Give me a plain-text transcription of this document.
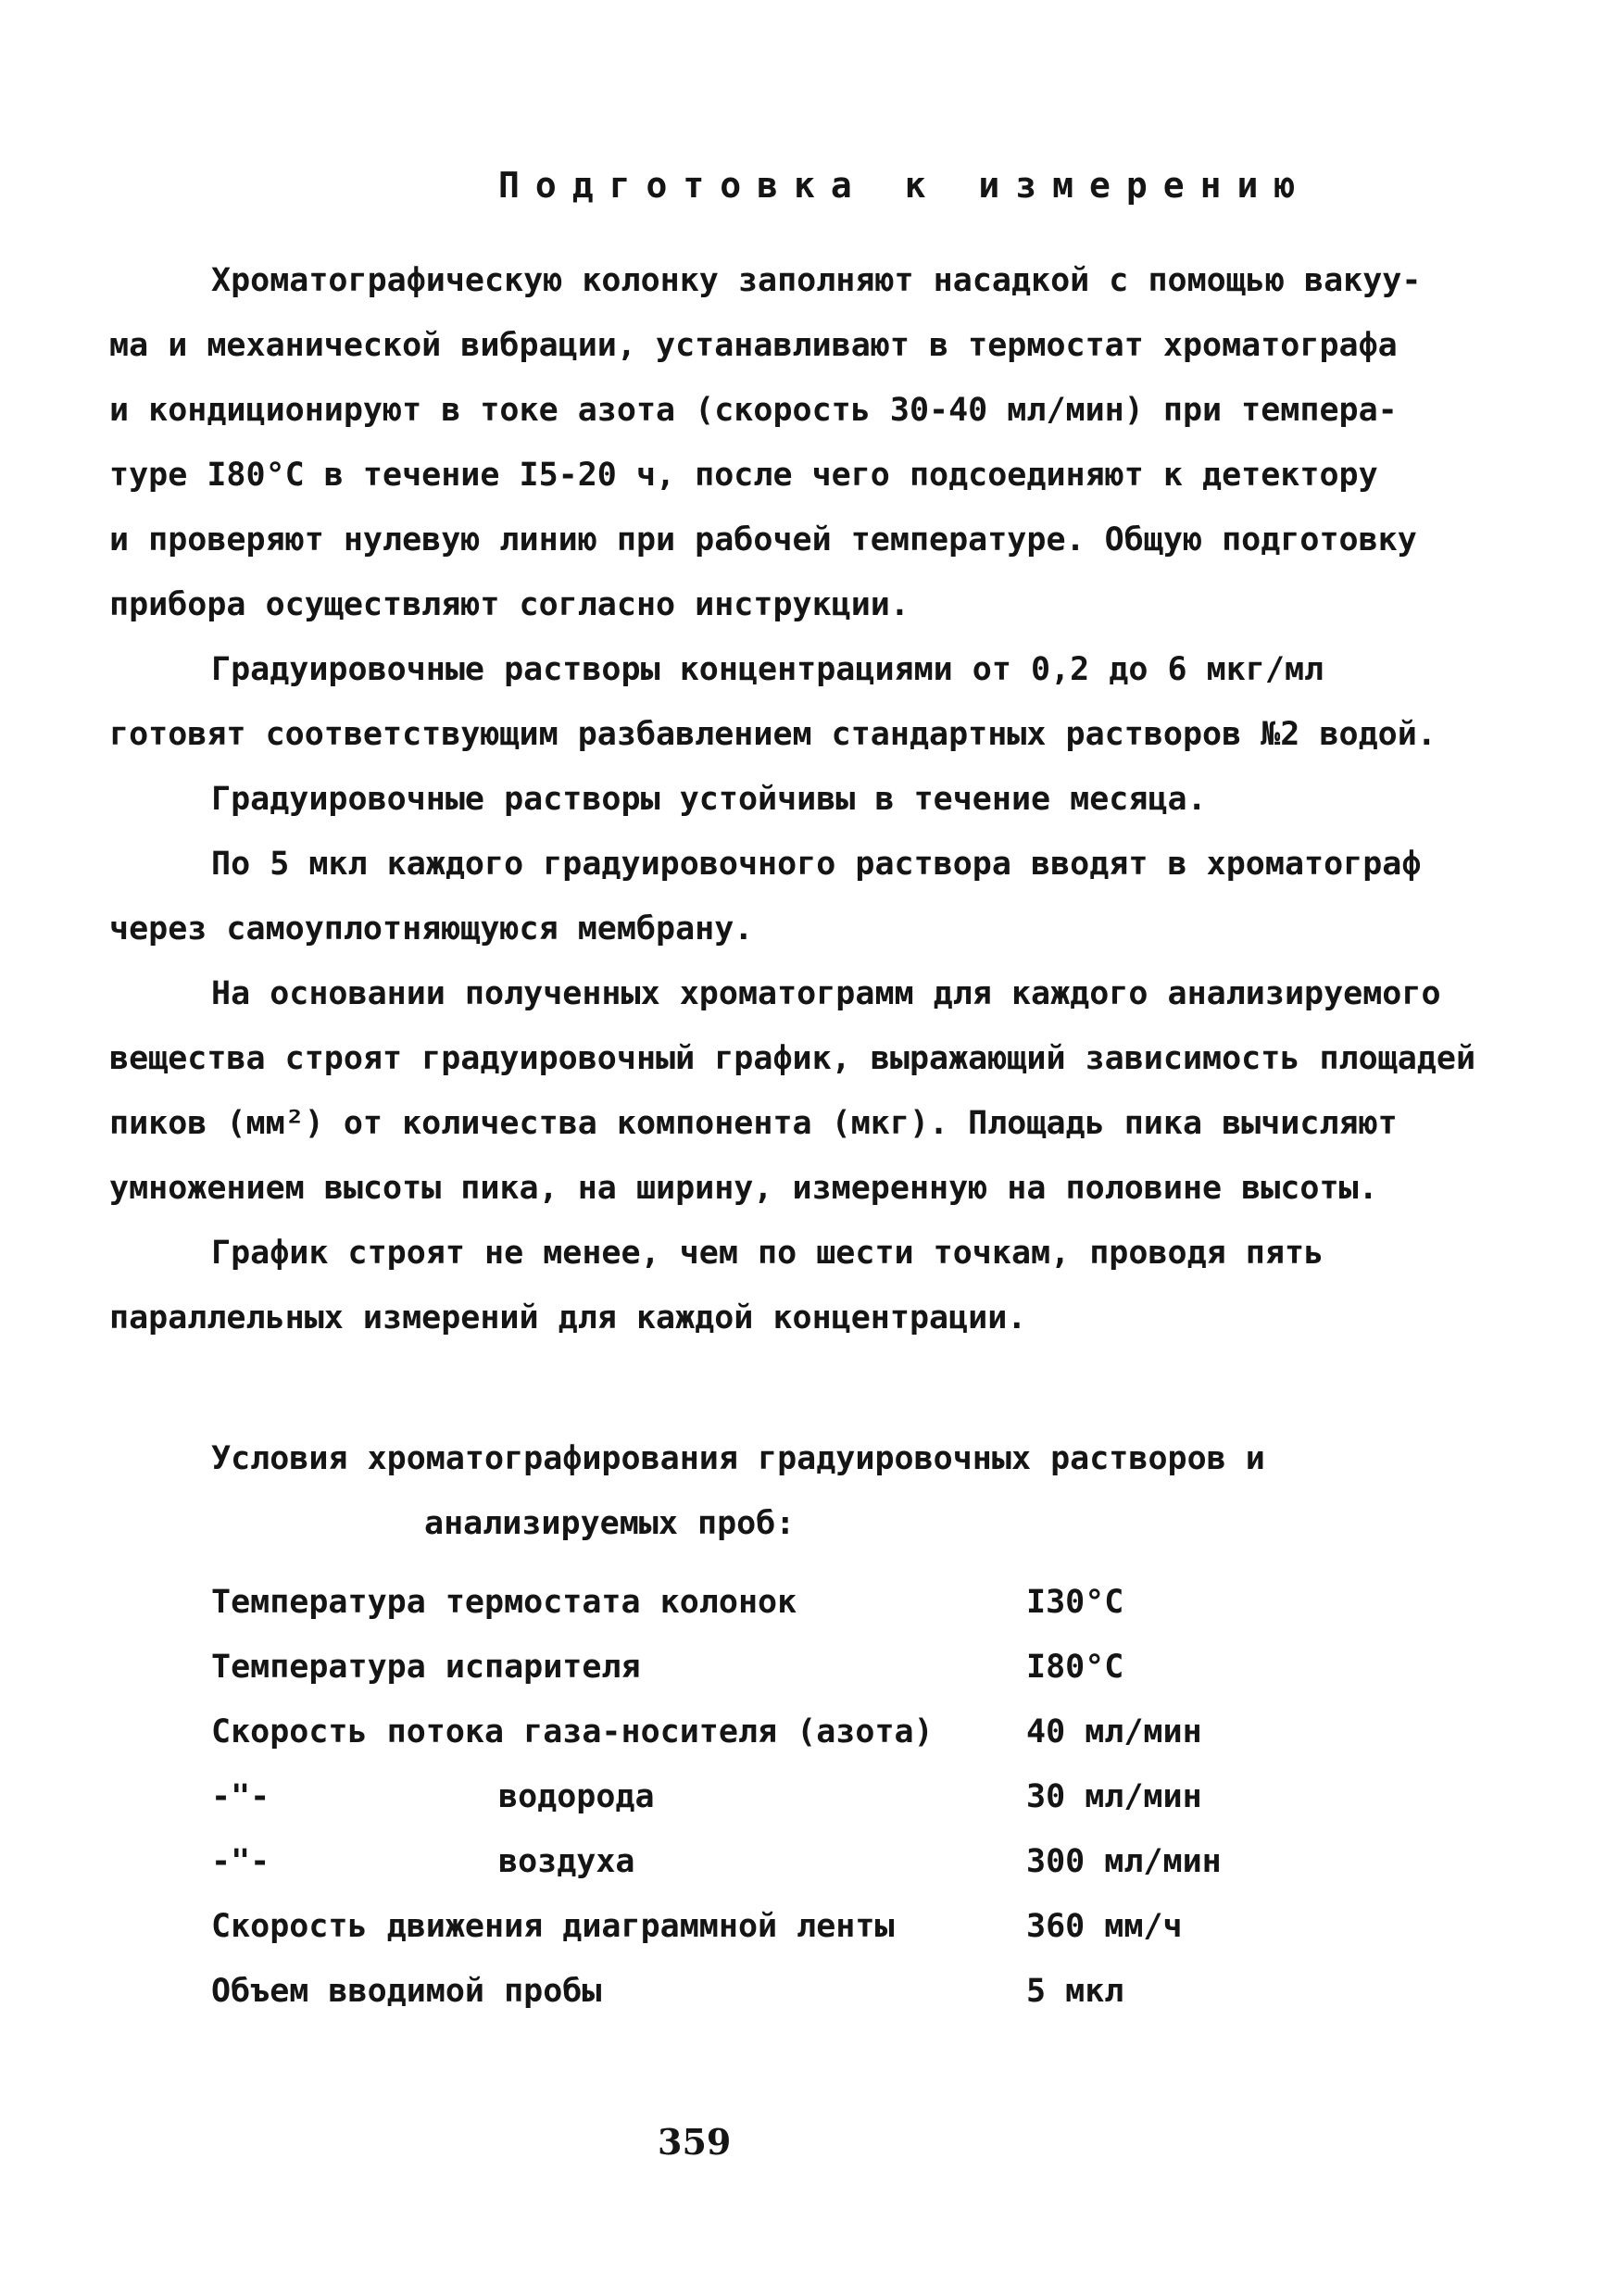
Подготовка к измерению
Хроматографическую колонку заполняют насадкой с помощью вакуу-
ма и механической вибрации, устанавливают в термостат хроматографа
и кондиционируют в токе азота (скорость 30-40 мл/мин) при темпера-
туре I80°C в течение I5-20 ч, после чего подсоединяют к детектору
и проверяют нулевую линию при рабочей температуре. Общую подготовку
прибора осуществляют согласно инструкции.
Градуировочные растворы концентрациями от 0,2 до 6 мкг/мл
готовят соответствующим разбавлением стандартных растворов №2 водой.
Градуировочные растворы устойчивы в течение месяца.
По 5 мкл каждого градуировочного раствора вводят в хроматограф
через самоуплотняющуюся мембрану.
На основании полученных хроматограмм для каждого анализируемого
вещества строят градуировочный график, выражающий зависимость площадей
пиков (мм²) от количества компонента (мкг). Площадь пика вычисляют
умножением высоты пика, на ширину, измеренную на половине высоты.
График строят не менее, чем по шести точкам, проводя пять
параллельных измерений для каждой концентрации.
Условия хроматографирования градуировочных растворов и
анализируемых проб:
Температура термостата колонок	I30°C
Температура испарителя	I80°C
Скорость потока газа-носителя (азота)	40 мл/мин
-"-	водорода	30 мл/мин
-"-	воздуха	300 мл/мин
Скорость движения диаграммной ленты	360 мм/ч
Объем вводимой пробы	5 мкл
359
